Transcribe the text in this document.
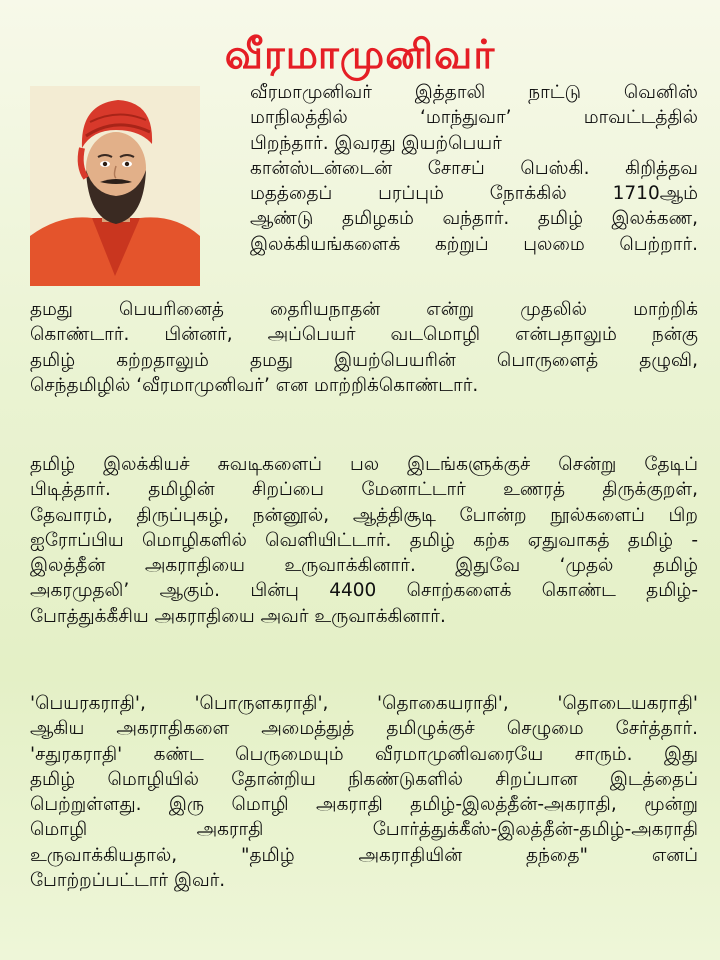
வீரமாமுனிவர்
வீரமாமுனிவர் இத்தாலி நாட்டு வெனிஸ்
மாநிலத்தில் ‘மாந்துவா’ மாவட்டத்தில்
பிறந்தார். இவரது இயற்பெயர்
கான்ஸ்டன்டைன் சோசப் பெஸ்கி. கிறித்தவ
மதத்தைப் பரப்பும் நோக்கில் 1710ஆம்
ஆண்டு தமிழகம் வந்தார். தமிழ் இலக்கண,
இலக்கியங்களைக் கற்றுப் புலமை பெற்றார்.
தமது பெயரினைத் தைரியநாதன் என்று முதலில் மாற்றிக்
கொண்டார். பின்னர், அப்பெயர் வடமொழி என்பதாலும் நன்கு
தமிழ் கற்றதாலும் தமது இயற்பெயரின் பொருளைத் தழுவி,
செந்தமிழில் ‘வீரமாமுனிவர்’ என மாற்றிக்கொண்டார்.
தமிழ் இலக்கியச் சுவடிகளைப் பல இடங்களுக்குச் சென்று தேடிப்
பிடித்தார். தமிழின் சிறப்பை மேனாட்டார் உணரத் திருக்குறள்,
தேவாரம், திருப்புகழ், நன்னூல், ஆத்திசூடி போன்ற நூல்களைப் பிற
ஐரோப்பிய மொழிகளில் வெளியிட்டார். தமிழ் கற்க ஏதுவாகத் தமிழ் -
இலத்தீன் அகராதியை உருவாக்கினார். இதுவே ‘முதல் தமிழ்
அகரமுதலி’ ஆகும். பின்பு 4400 சொற்களைக் கொண்ட தமிழ்-
போத்துக்கீசிய அகராதியை அவர் உருவாக்கினார்.
'பெயரகராதி', 'பொருளகராதி', 'தொகையராதி', 'தொடையகராதி'
ஆகிய அகராதிகளை அமைத்துத் தமிழுக்குச் செழுமை சேர்த்தார்.
'சதுரகராதி' கண்ட பெருமையும் வீரமாமுனிவரையே சாரும். இது
தமிழ் மொழியில் தோன்றிய நிகண்டுகளில் சிறப்பான இடத்தைப்
பெற்றுள்ளது. இரு மொழி அகராதி தமிழ்-இலத்தீன்-அகராதி, மூன்று
மொழி அகராதி போர்த்துக்கீஸ்-இலத்தீன்-தமிழ்-அகராதி
உருவாக்கியதால், "தமிழ் அகராதியின் தந்தை" எனப்
போற்றப்பட்டார் இவர்.
